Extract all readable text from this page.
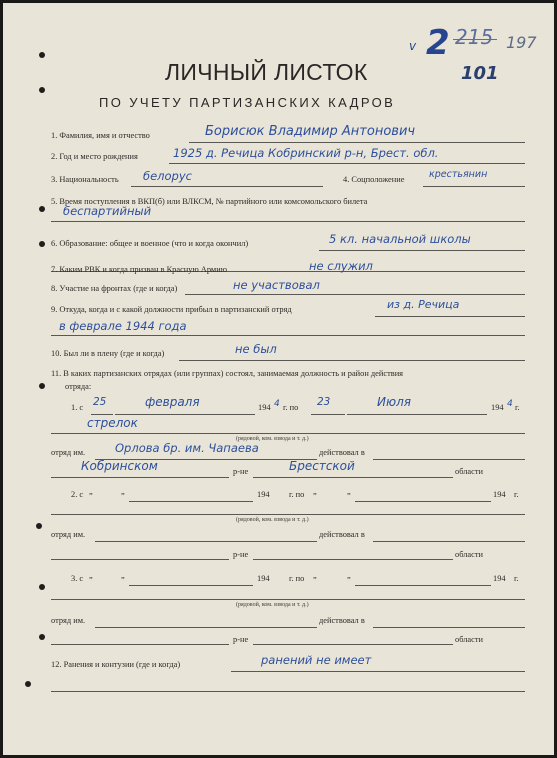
v 2 215 197
101
ЛИЧНЫЙ ЛИСТОК
ПО УЧЕТУ ПАРТИЗАНСКИХ КАДРОВ
1. Фамилия, имя и отчество	Борисюк Владимир Антонович
2. Год и место рождения	1925 д. Речица Кобринский р-н, Брест. обл.
3. Национальность белорус	4. Соцположение	крестьянин
5. Время поступления в ВКП(б) или ВЛКСМ, № партийного или комсомольского билета
беспартийный
6. Образование: общее и военное (что и когда окончил)	5 кл. начальной школы
7. Каким РВК и когда призван в Красную Армию	не служил
8. Участие на фронтах (где и когда)	не участвовал
9. Откуда, когда и с какой должности прибыл в партизанский отряд	из д. Речица
в феврале 1944 года
10. Был ли в плену (где и когда)	не был
11. В каких партизанских отрядах (или группах) состоял, занимаемая должность и район действия
отряда:
1. с 25	февраля	194 4 г. по 23	Июля	194 4 г.
стрелок
(рядовой, ком. взвода и т. д.)
отряд им.	Орлова бр. им. Чапаева	действовал в
Кобринском	р-не	Брестской	области
2. с „	„	194 г. по „	„	194 г.
(рядовой, ком. взвода и т. д.)
отряд им.	действовал в
р-не	области
3. с „	„	194 г. по „	„	194 г.
(рядовой, ком. взвода и т. д.)
отряд им.	действовал в
р-не	области
12. Ранения и контузии (где и когда)	ранений не имеет
